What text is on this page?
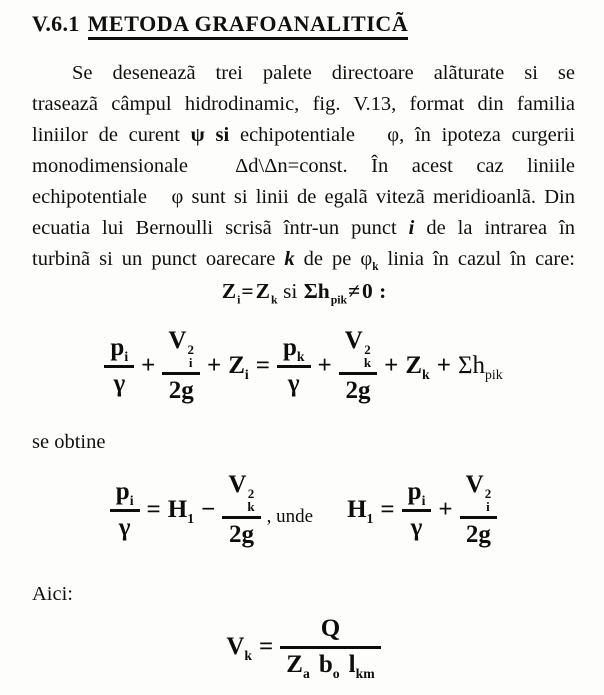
V.6.1 METODA GRAFOANALITICÃ
Se deseneazã trei palete directoare alãturate si se
traseazã câmpul hidrodinamic, fig. V.13, format din familia
liniilor de curent ψ si echipotentiale   φ, în ipoteza curgerii
monodimensionale  Δd\Δn=const. În acest caz liniile
echipotentiale   φ sunt si linii de egalã vitezã meridioanlã. Din
ecuatia lui Bernoulli scrisã într-un punct i de la intrarea în
turbinã si un punct oarecare k de pe $\varphi_k$ linia în cazul în care:
$Z_i=Z_k$ si $\Sigma h_{pik}\ne 0$ :
$\frac{p_i}{\gamma} + V$ 2
i
$2g + Z_i = \frac{p_k}{\gamma} + V$ 2
k
$2g + Z_k + \Sigma h_{pik}$
se obtine
$\frac{p_i}{\gamma} = H_1 - V$ 2
k
2g , unde $H_1 = \frac{p_i}{\gamma} + V$ 2
i
2g
Aici:
$V_k = \frac{Q}{Z_a b_o l_{km}}$
